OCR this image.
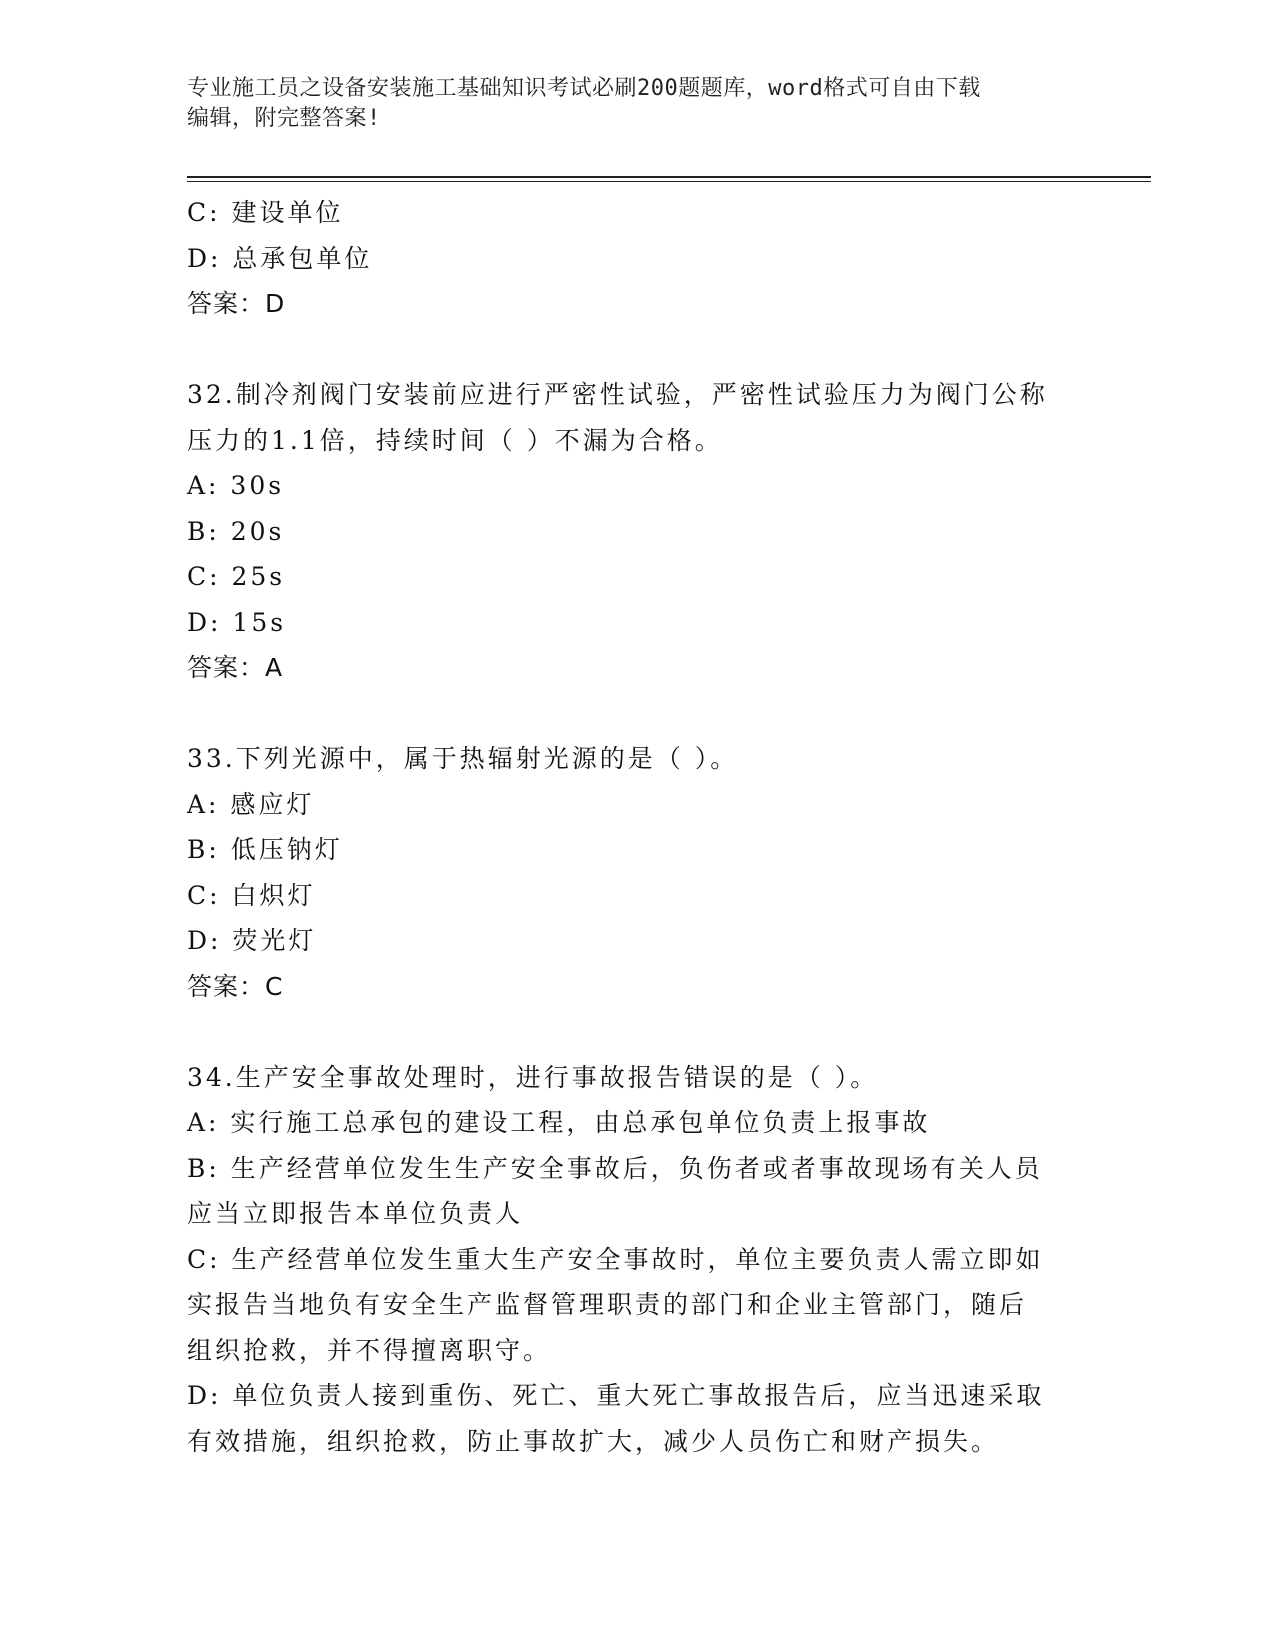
专业施工员之设备安装施工基础知识考试必刷200题题库，word格式可自由下载
编辑，附完整答案!
C: 建设单位
D: 总承包单位
答案：D
32.制冷剂阀门安装前应进行严密性试验，严密性试验压力为阀门公称
压力的1.1倍，持续时间（ ）不漏为合格。
A: 30s
B: 20s
C: 25s
D: 15s
答案：A
33.下列光源中，属于热辐射光源的是（ ）。
A: 感应灯
B: 低压钠灯
C: 白炽灯
D: 荧光灯
答案：C
34.生产安全事故处理时，进行事故报告错误的是（ ）。
A: 实行施工总承包的建设工程，由总承包单位负责上报事故
B: 生产经营单位发生生产安全事故后，负伤者或者事故现场有关人员
应当立即报告本单位负责人
C: 生产经营单位发生重大生产安全事故时，单位主要负责人需立即如
实报告当地负有安全生产监督管理职责的部门和企业主管部门，随后
组织抢救，并不得擅离职守。
D: 单位负责人接到重伤、死亡、重大死亡事故报告后，应当迅速采取
有效措施，组织抢救，防止事故扩大，减少人员伤亡和财产损失。
